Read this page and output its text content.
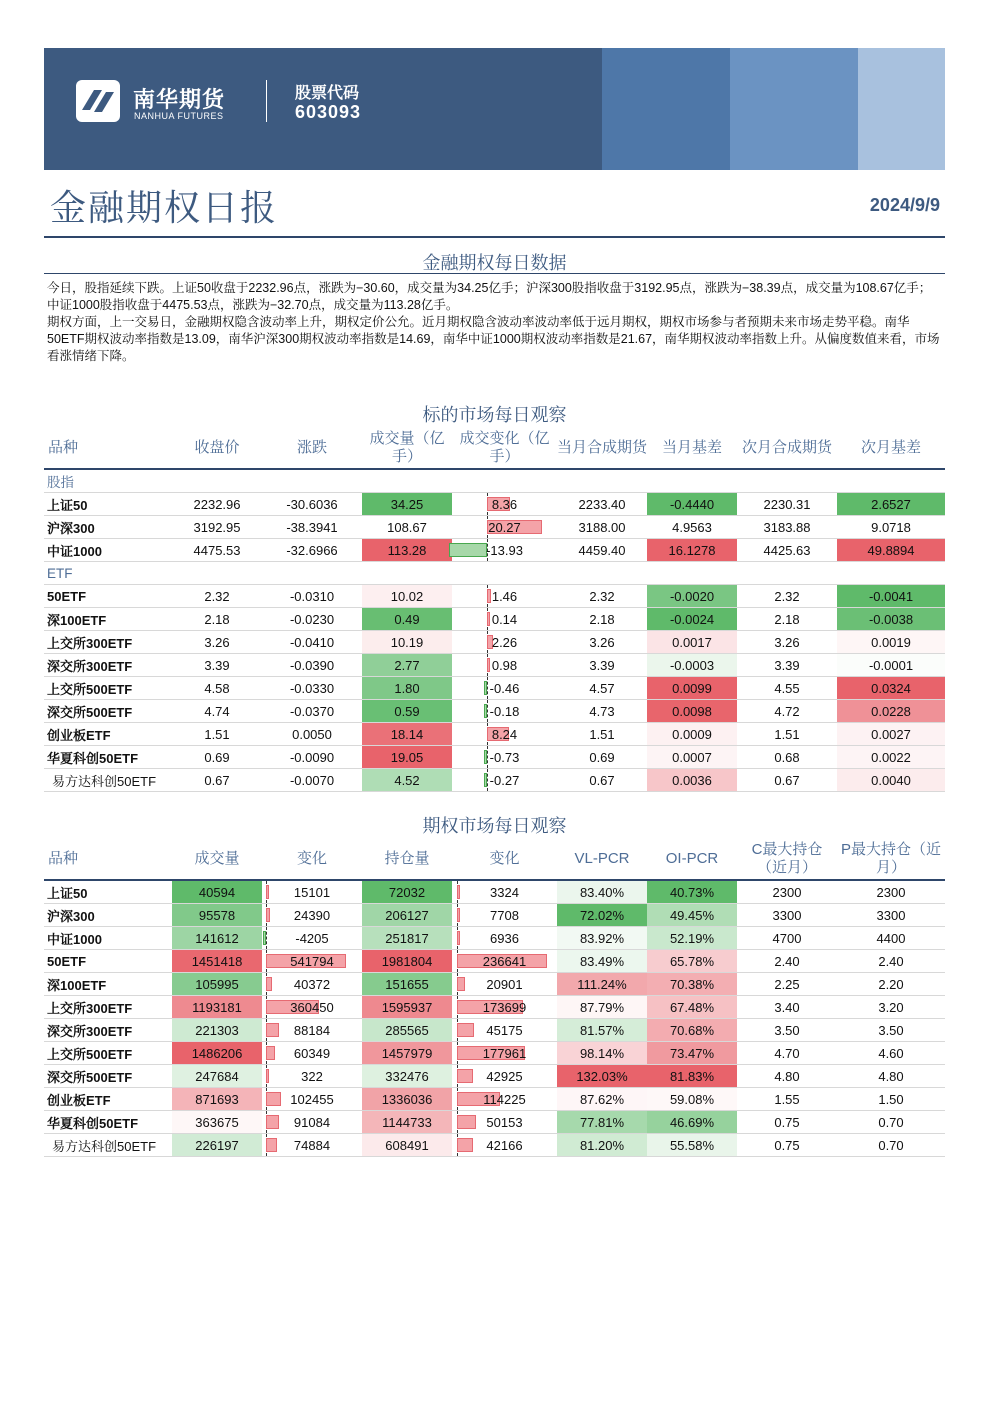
南华期货
NANHUA FUTURES
股票代码
603093
金融期权日报	2024/9/9
金融期权每日数据

今日，股指延续下跌。上证50收盘于2232.96点，涨跌为−30.60，成交量为34.25亿手；沪深300股指收盘于3192.95点，涨跌为−38.39点，成交量为108.67亿手；中证1000股指收盘于4475.53点，涨跌为−32.70点，成交量为113.28亿手。

期权方面，上一交易日，金融期权隐含波动率上升，期权定价公允。近月期权隐含波动率波动率低于远月期权，期权市场参与者预期未来市场走势平稳。南华50ETF期权波动率指数是13.09，南华沪深300期权波动率指数是14.69，南华中证1000期权波动率指数是21.67，南华期权波动率指数上升。从偏度数值来看，市场看涨情绪下降。

标的市场每日观察
品种	收盘价	涨跌	成交量（亿手）	成交变化（亿手）	当月合成期货	当月基差	次月合成期货	次月基差
股指								
上证50	2232.96	-30.6036	34.25	8.36	2233.40	-0.4440	2230.31	2.6527
沪深300	3192.95	-38.3941	108.67	20.27	3188.00	4.9563	3183.88	9.0718
中证1000	4475.53	-32.6966	113.28	-13.93	4459.40	16.1278	4425.63	49.8894
ETF								
50ETF	2.32	-0.0310	10.02	1.46	2.32	-0.0020	2.32	-0.0041
深100ETF	2.18	-0.0230	0.49	0.14	2.18	-0.0024	2.18	-0.0038
上交所300ETF	3.26	-0.0410	10.19	2.26	3.26	0.0017	3.26	0.0019
深交所300ETF	3.39	-0.0390	2.77	0.98	3.39	-0.0003	3.39	-0.0001
上交所500ETF	4.58	-0.0330	1.80	-0.46	4.57	0.0099	4.55	0.0324
深交所500ETF	4.74	-0.0370	0.59	-0.18	4.73	0.0098	4.72	0.0228
创业板ETF	1.51	0.0050	18.14	8.24	1.51	0.0009	1.51	0.0027
华夏科创50ETF	0.69	-0.0090	19.05	-0.73	0.69	0.0007	0.68	0.0022
易方达科创50ETF	0.67	-0.0070	4.52	-0.27	0.67	0.0036	0.67	0.0040
期权市场每日观察
品种	成交量	变化	持仓量	变化	VL-PCR	OI-PCR	C最大持仓（近月）	P最大持仓（近月）
上证50	40594	15101	72032	3324	83.40%	40.73%	2300	2300
沪深300	95578	24390	206127	7708	72.02%	49.45%	3300	3300
中证1000	141612	-4205	251817	6936	83.92%	52.19%	4700	4400
50ETF	1451418	541794	1981804	236641	83.49%	65.78%	2.40	2.40
深100ETF	105995	40372	151655	20901	111.24%	70.38%	2.25	2.20
上交所300ETF	1193181	360450	1595937	173699	87.79%	67.48%	3.40	3.20
深交所300ETF	221303	88184	285565	45175	81.57%	70.68%	3.50	3.50
上交所500ETF	1486206	60349	1457979	177961	98.14%	73.47%	4.70	4.60
深交所500ETF	247684	322	332476	42925	132.03%	81.83%	4.80	4.80
创业板ETF	871693	102455	1336036	114225	87.62%	59.08%	1.55	1.50
华夏科创50ETF	363675	91084	1144733	50153	77.81%	46.69%	0.75	0.70
易方达科创50ETF	226197	74884	608491	42166	81.20%	55.58%	0.75	0.70
